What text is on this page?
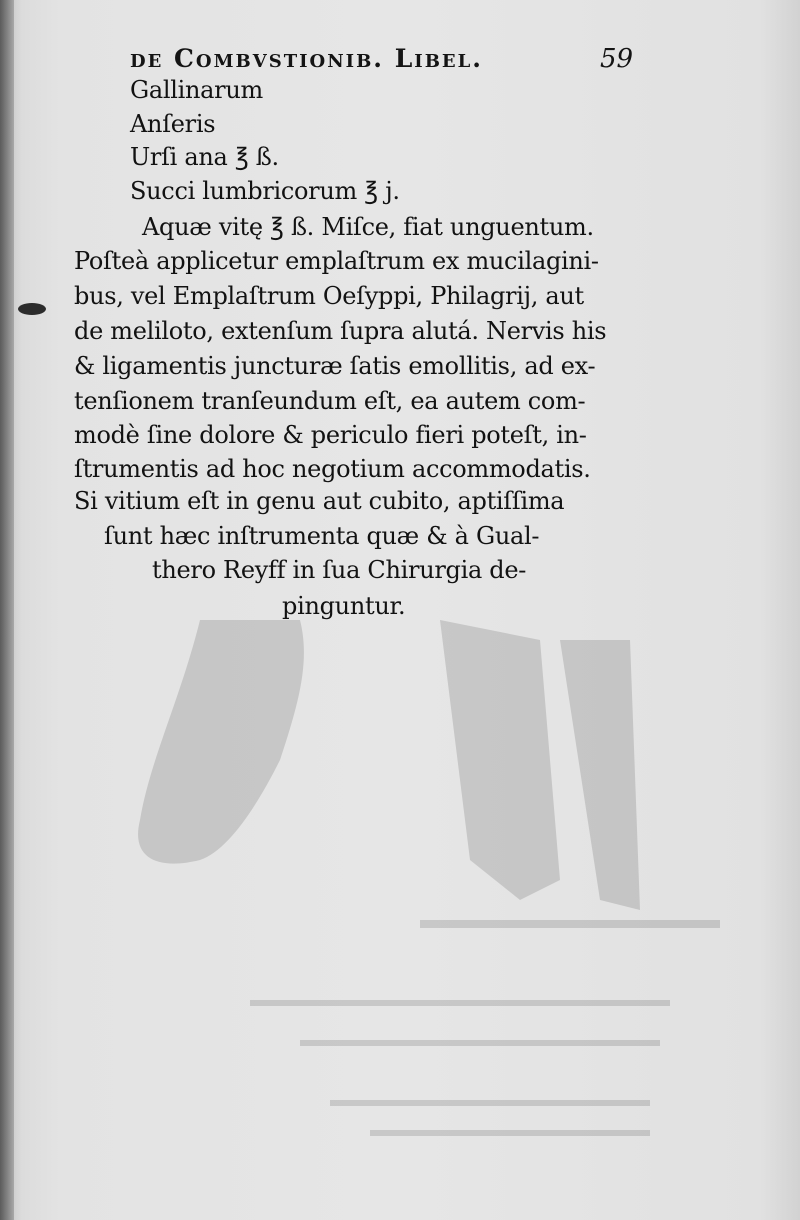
de Combvstionib. Libel.	59
Gallinarum
Anſeris
Urſi ana ℥ ß.
Succi lumbricorum ℥ j.
Aquæ vitę ℥ ß. Miſce, fiat unguentum.
Poſteà applicetur emplaſtrum ex mucilagini-
bus, vel Emplaſtrum Oeſyppi, Philagrij, aut
de meliloto, extenſum ſupra alutá. Nervis his
& ligamentis juncturæ ſatis emollitis, ad ex-
tenſionem tranſeundum eſt, ea autem com-
modè ſine dolore & periculo fieri poteſt, in-
ſtrumentis ad hoc negotium accommodatis.
Si vitium eſt in genu aut cubito, aptiſſima
ſunt hæc inſtrumenta quæ & à Gual-
thero Reyff in ſua Chirurgia de-
pinguntur.
